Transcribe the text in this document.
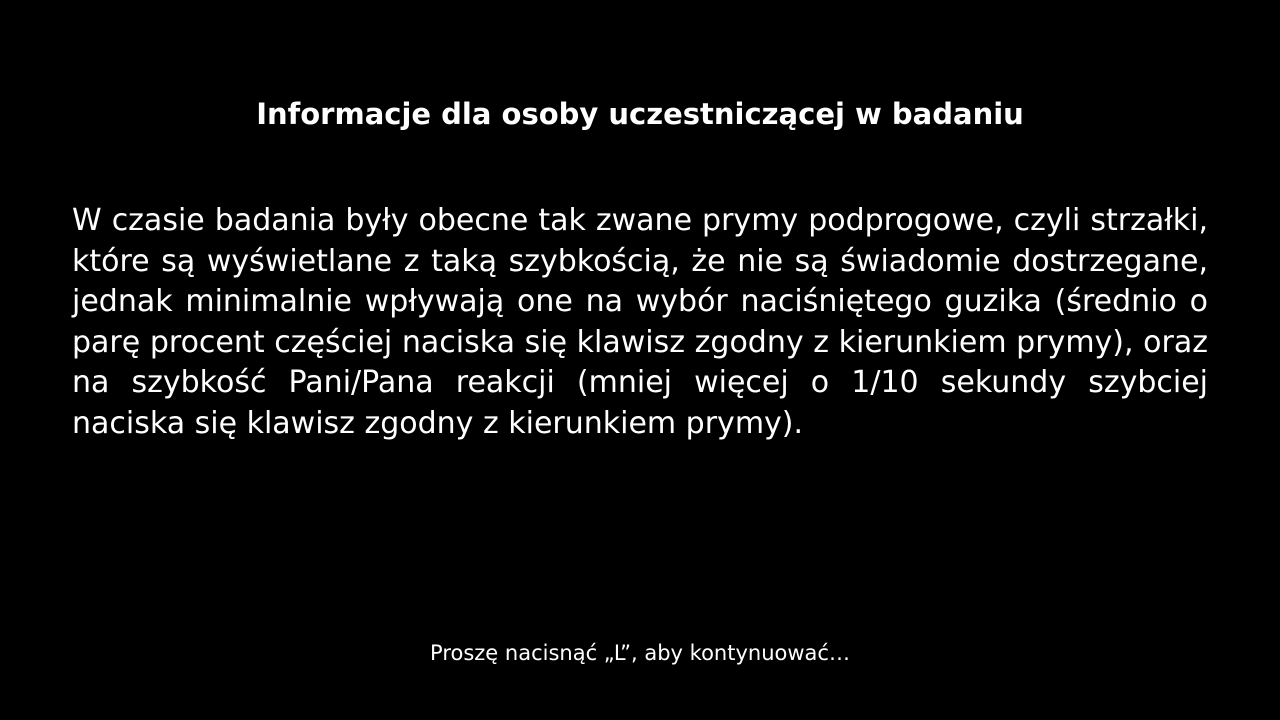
Informacje dla osoby uczestniczącej w badaniu

W czasie badania były obecne tak zwane prymy podprogowe, czyli strzałki, które są wyświetlane z taką szybkością, że nie są świadomie dostrzegane, jednak minimalnie wpływają one na wybór naciśniętego guzika (średnio o parę procent częściej naciska się klawisz zgodny z kierunkiem prymy), oraz na szybkość Pani/Pana reakcji (mniej więcej o 1/10 sekundy szybciej naciska się klawisz zgodny z kierunkiem prymy).

Proszę nacisnąć „L”, aby kontynuować…
